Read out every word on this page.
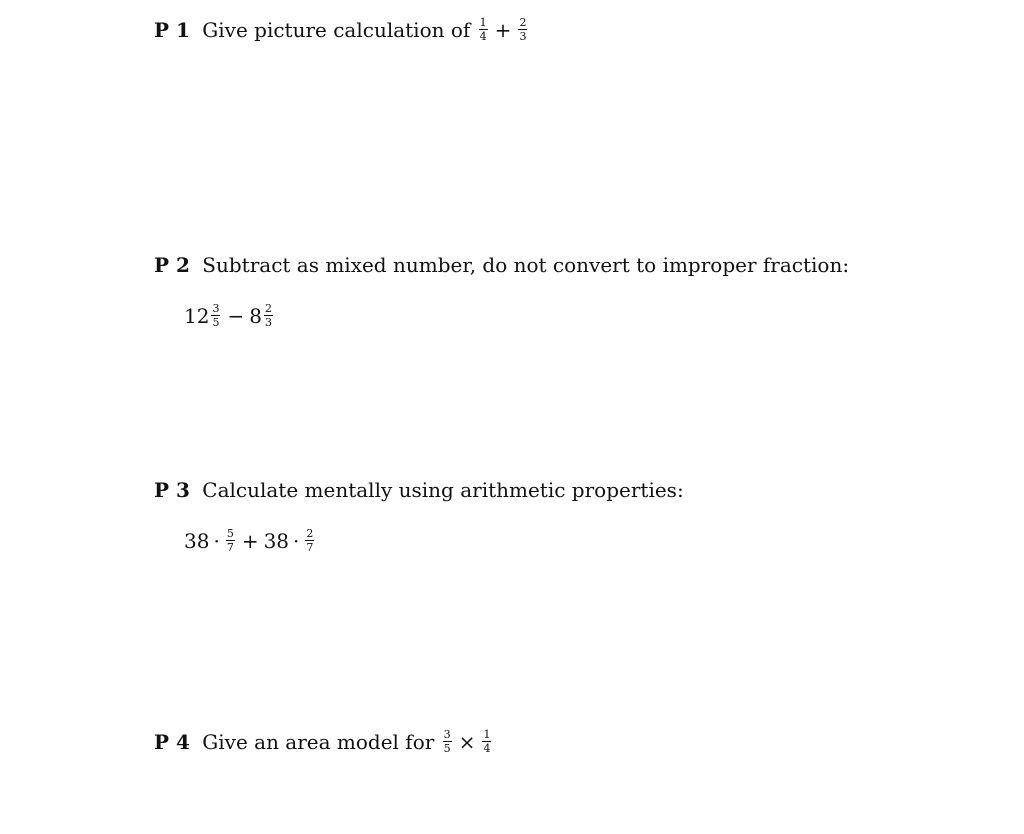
P 1 Give picture calculation of $\frac{1}{4} + \frac{2}{3}$
P 2 Subtract as mixed number, do not convert to improper fraction:
$12 \frac{3}{5} - 8 \frac{2}{3}$
P 3 Calculate mentally using arithmetic properties:
$38 \cdot \frac{5}{7} + 38 \cdot \frac{2}{7}$
P 4 Give an area model for $\frac{3}{5} \times \frac{1}{4}$
